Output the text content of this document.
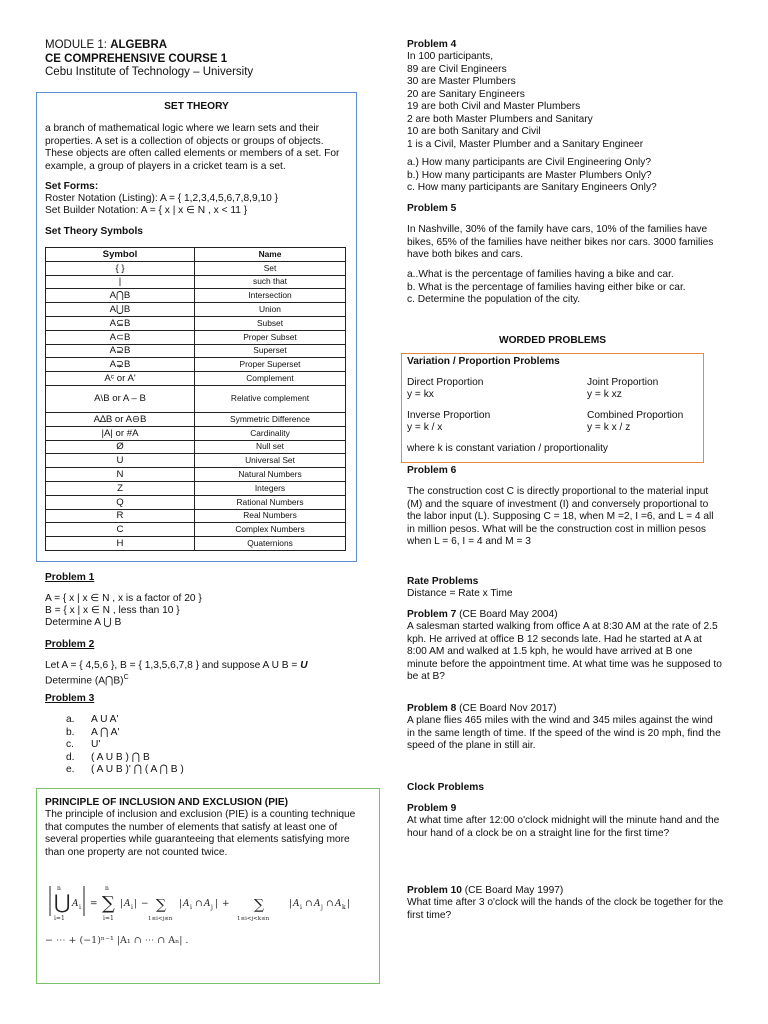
MODULE 1: ALGEBRA

CE COMPREHENSIVE COURSE 1

Cebu Institute of Technology – University

SET THEORY

a branch of mathematical logic where we learn sets and their properties. A set is a collection of objects or groups of objects. These objects are often called elements or members of a set. For example, a group of players in a cricket team is a set.

Set Forms:

Roster Notation (Listing): A = { 1,2,3,4,5,6,7,8,9,10 }

Set Builder Notation: A = { x | x ∈ N , x < 11 }

Set Theory Symbols

Symbol	Name
{ }	Set
|	such that
A⋂B	Intersection
A⋃B	Union
A⊆B	Subset
A⊂B	Proper Subset
A⊇B	Superset
A⊋B	Proper Superset
Aᶜ or A'	Complement
A\B or A – B	Relative complement
A∆B or A⊖B	Symmetric Difference
|A| or #A	Cardinality
Ø	Null set
U	Universal Set
N	Natural Numbers
Z	Integers
Q	Rational Numbers
R	Real Numbers
C	Complex Numbers
H	Quaternions

Problem 1

A = { x | x ∈ N , x is a factor of 20 }

B = { x | x ∈ N , less than 10 }

Determine A ⋃ B

Problem 2

Let A = { 4,5,6 }, B = { 1,3,5,6,7,8 } and suppose A U B = U

Determine (A⋂B)$^C$

Problem 3

a. A U A'
b. A ⋂ A'
c. U'
d. ( A U B ) ⋂ B
e. ( A U B )' ⋂ ( A ⋂ B )

PRINCIPLE OF INCLUSION AND EXCLUSION (PIE)

The principle of inclusion and exclusion (PIE) is a counting technique that computes the number of elements that satisfy at least one of several properties while guaranteeing that elements satisfying more than one property are not counted twice.

⋃
n
i=1
A i = ∑
n
i=1
| A i | − ∑
1≤i<j≤n
| A i ∩ A j | + ∑
1≤i<j<k≤n
| A i ∩ A j ∩ A k |

− ⋯ + (−1)ⁿ⁻¹ |A₁ ∩ ⋯ ∩ Aₙ| .

Problem 4

In 100 participants,

89 are Civil Engineers

30 are Master Plumbers

20 are Sanitary Engineers

19 are both Civil and Master Plumbers

2 are both Master Plumbers and Sanitary

10 are both Sanitary and Civil

1 is a Civil, Master Plumber and a Sanitary Engineer

a.) How many participants are Civil Engineering Only?

b.) How many participants are Master Plumbers Only?

c. How many participants are Sanitary Engineers Only?

Problem 5

In Nashville, 30% of the family have cars, 10% of the families have bikes, 65% of the families have neither bikes nor cars. 3000 families have both bikes and cars.

a..What is the percentage of families having a bike and car.

b. What is the percentage of families having either bike or car.

c. Determine the population of the city.

WORDED PROBLEMS

Variation / Proportion Problems

Direct Proportion

y = kx

Joint Proportion

y = k xz

Inverse Proportion

y = k / x

Combined Proportion

y = k x / z

where k is constant variation / proportionality

Problem 6

The construction cost C is directly proportional to the material input (M) and the square of investment (I) and conversely proportional to the labor input (L). Supposing C = 18, when M =2, I =6, and L = 4 all in million pesos. What will be the construction cost in million pesos when L = 6, I = 4 and M = 3

Rate Problems

Distance = Rate x Time

Problem 7 (CE Board May 2004)

A salesman started walking from office A at 8:30 AM at the rate of 2.5 kph. He arrived at office B 12 seconds late. Had he started at A at 8:00 AM and walked at 1.5 kph, he would have arrived at B one minute before the appointment time. At what time was he supposed to be at B?

Problem 8 (CE Board Nov 2017)

A plane flies 465 miles with the wind and 345 miles against the wind in the same length of time. If the speed of the wind is 20 mph, find the speed of the plane in still air.

Clock Problems

Problem 9

At what time after 12:00 o'clock midnight will the minute hand and the hour hand of a clock be on a straight line for the first time?

Problem 10 (CE Board May 1997)

What time after 3 o'clock will the hands of the clock be together for the first time?
